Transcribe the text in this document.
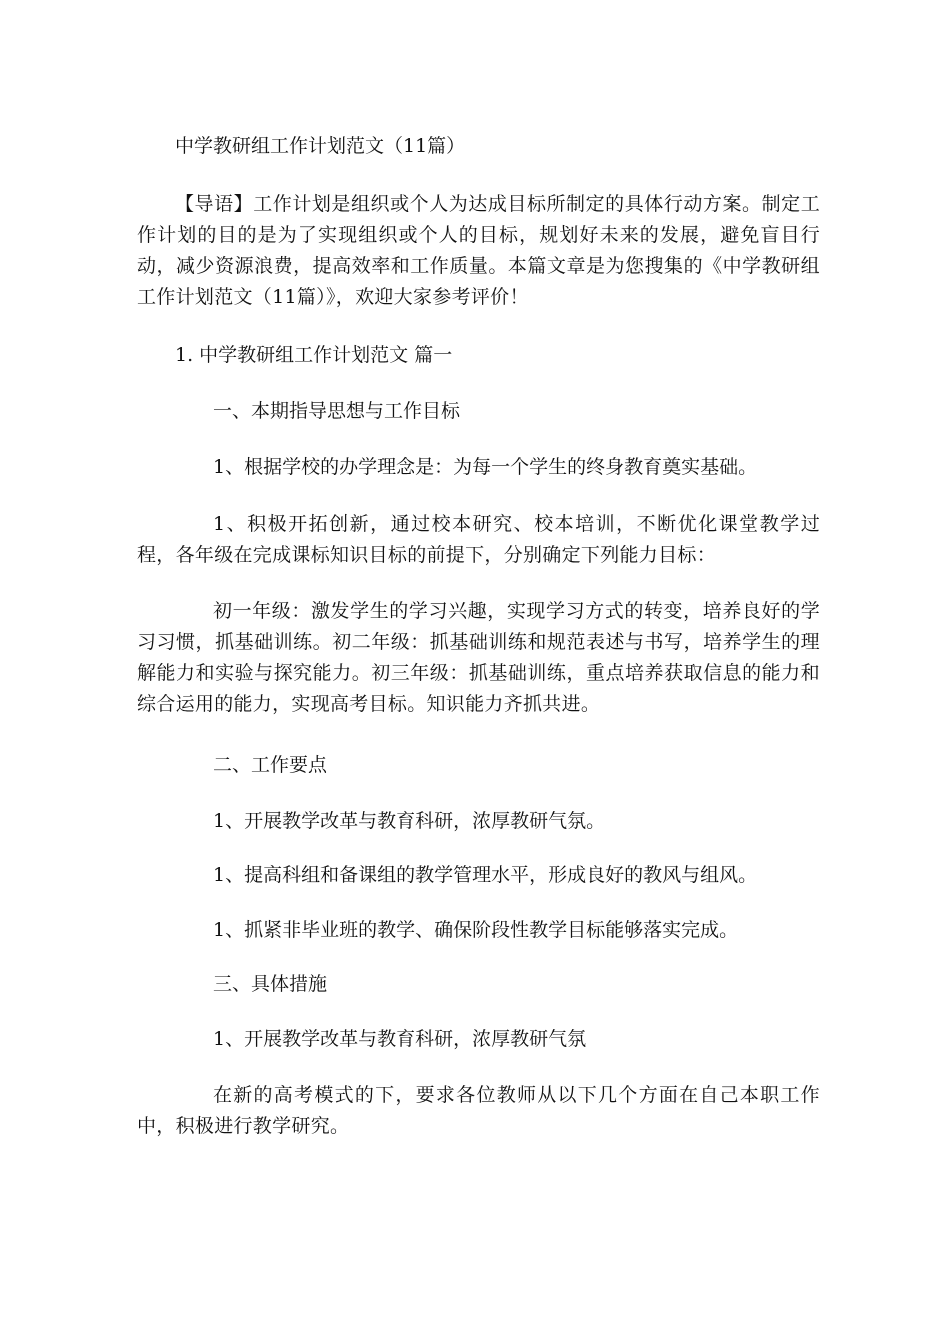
中学教研组工作计划范文（11篇）

【导语】工作计划是组织或个人为达成目标所制定的具体行动方案。制定工作计划的目的是为了实现组织或个人的目标，规划好未来的发展，避免盲目行动，减少资源浪费，提高效率和工作质量。本篇文章是为您搜集的《中学教研组工作计划范文（11篇）》，欢迎大家参考评价！

1. 中学教研组工作计划范文 篇一

一、本期指导思想与工作目标

1、根据学校的办学理念是：为每一个学生的终身教育奠实基础。

1、积极开拓创新，通过校本研究、校本培训，不断优化课堂教学过程，各年级在完成课标知识目标的前提下，分别确定下列能力目标：

初一年级：激发学生的学习兴趣，实现学习方式的转变，培养良好的学习习惯，抓基础训练。初二年级：抓基础训练和规范表述与书写，培养学生的理解能力和实验与探究能力。初三年级：抓基础训练，重点培养获取信息的能力和综合运用的能力，实现高考目标。知识能力齐抓共进。

二、工作要点

1、开展教学改革与教育科研，浓厚教研气氛。

1、提高科组和备课组的教学管理水平，形成良好的教风与组风。

1、抓紧非毕业班的教学、确保阶段性教学目标能够落实完成。

三、具体措施

1、开展教学改革与教育科研，浓厚教研气氛

在新的高考模式的下，要求各位教师从以下几个方面在自己本职工作中，积极进行教学研究。
